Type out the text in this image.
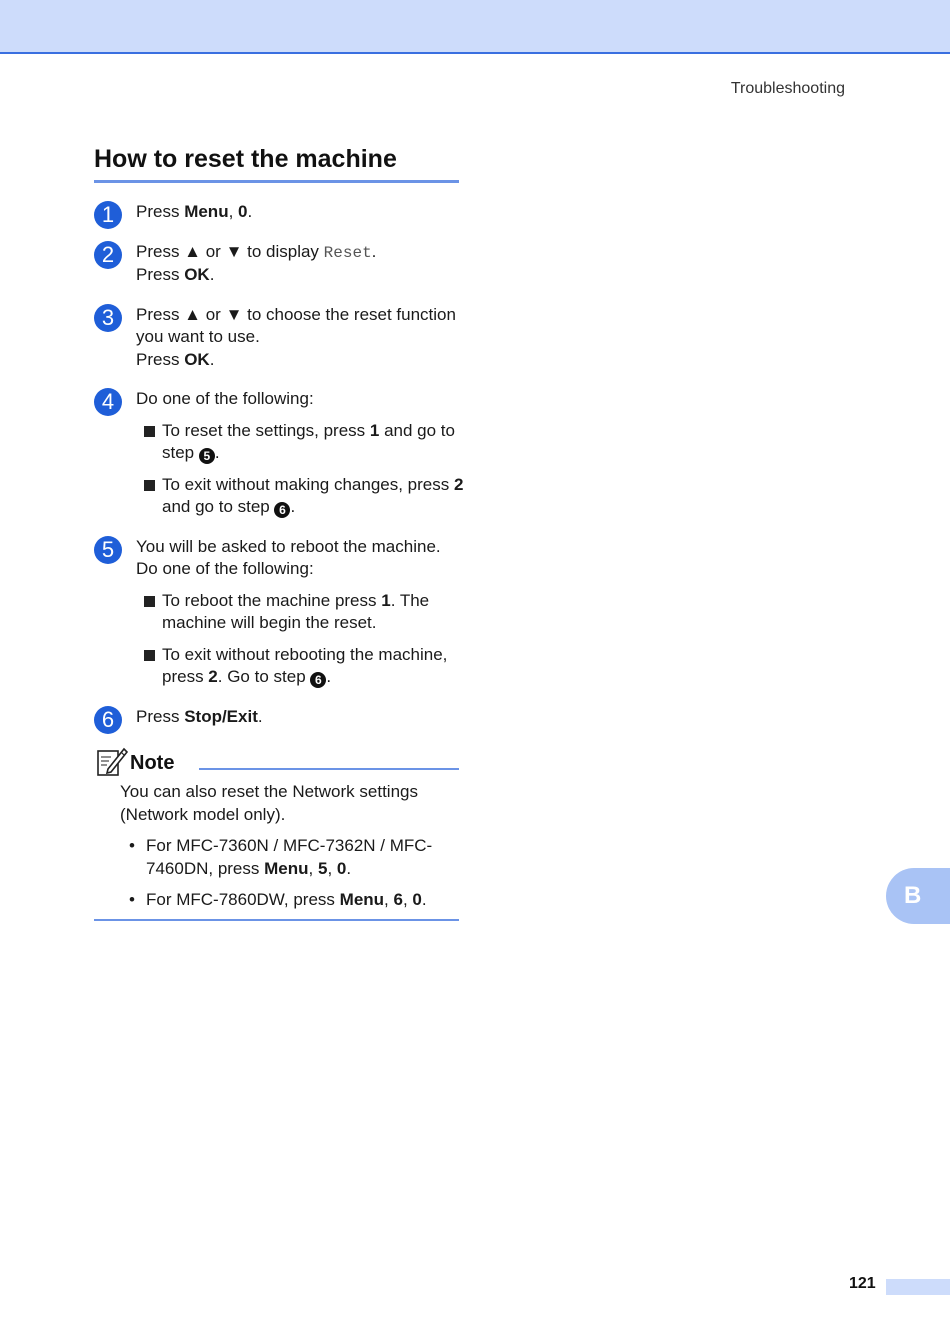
Troubleshooting
How to reset the machine
1	Press Menu, 0.

2	Press ▲ or ▼ to display Reset.

Press OK.

3	Press ▲ or ▼ to choose the reset function you want to use.

Press OK.

4	Do one of the following:

To reset the settings, press 1 and go to step 5 .
To exit without making changes, press 2 and go to step 6 .
5	You will be asked to reboot the machine. Do one of the following:

To reboot the machine press 1. The machine will begin the reset.
To exit without rebooting the machine, press 2. Go to step 6 .
6	Press Stop/Exit.

Note

You can also reset the Network settings (Network model only).

• For MFC-7360N / MFC-7362N / MFC-7460DN, press Menu, 5, 0.
• For MFC-7860DW, press Menu, 6, 0.	B
121
